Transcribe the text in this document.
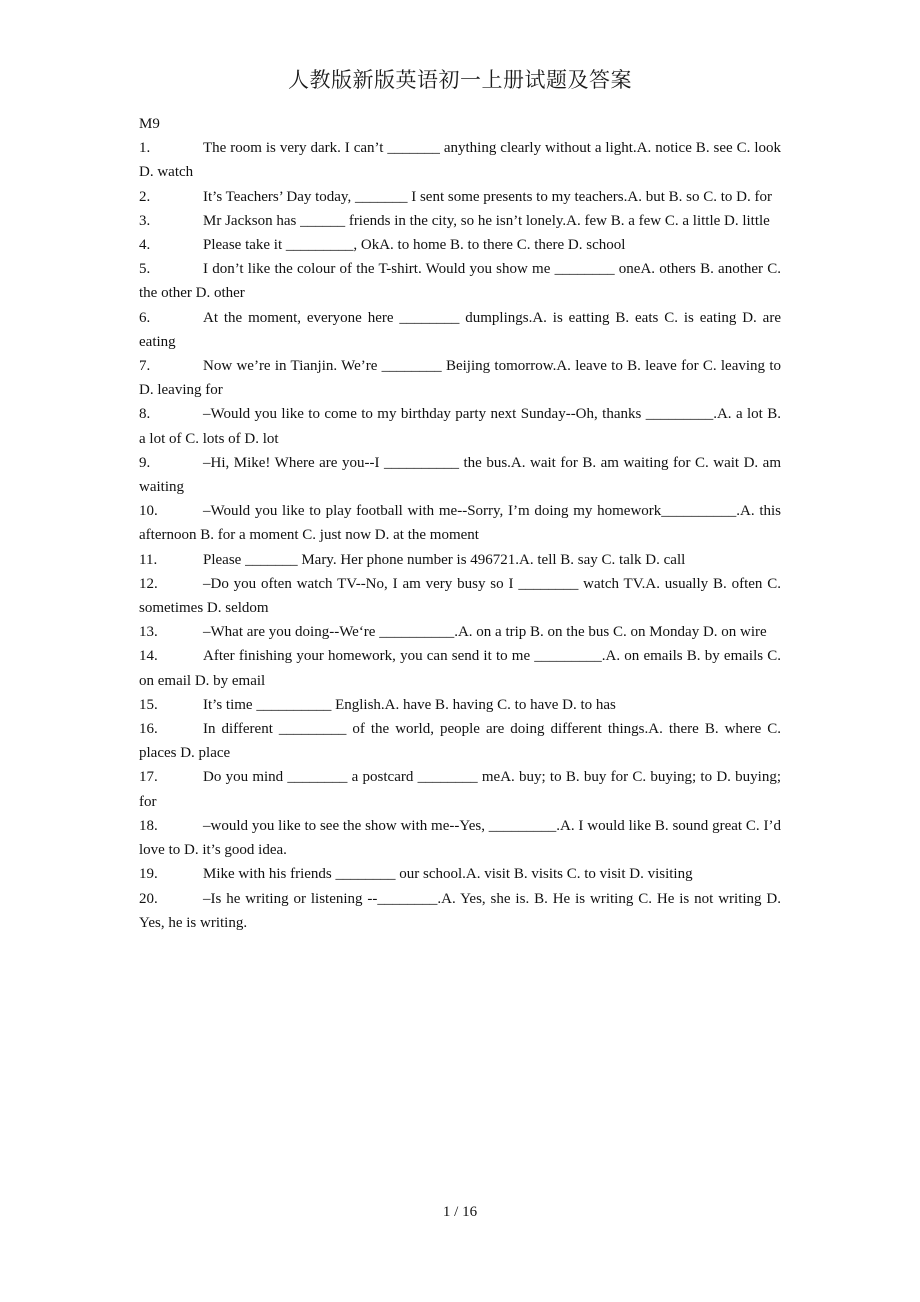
人教版新版英语初一上册试题及答案

M9

1.	The room is very dark. I can’t _______ anything clearly without a light.A. notice B. see C. look D. watch

2.	It’s Teachers’ Day today, _______ I sent some presents to my teachers.A. but B. so C. to D. for

3.	Mr Jackson has ______ friends in the city, so he isn’t lonely.A. few B. a few C. a little D. little

4.	Please take it _________, OkA. to home B. to there C. there D. school

5.	I don’t like the colour of the T-shirt. Would you show me ________ oneA. others B. another C. the other D. other

6.	At the moment, everyone here ________ dumplings.A. is eatting B. eats C. is eating D. are eating

7.	Now we’re in Tianjin. We’re ________ Beijing tomorrow.A. leave to B. leave for C. leaving to D. leaving for

8.	–Would you like to come to my birthday party next Sunday--Oh, thanks _________.A. a lot B. a lot of C. lots of D. lot

9.	–Hi, Mike! Where are you--I __________ the bus.A. wait for B. am waiting for C. wait D. am waiting

10.	–Would you like to play football with me--Sorry, I’m doing my homework__________.A. this afternoon B. for a moment C. just now D. at the moment

11.	Please _______ Mary. Her phone number is 496721.A. tell B. say C. talk D. call

12.	–Do you often watch TV--No, I am very busy so I ________ watch TV.A. usually B. often C. sometimes D. seldom

13.	–What are you doing--We‘re __________.A. on a trip B. on the bus C. on Monday D. on wire

14.	After finishing your homework, you can send it to me _________.A. on emails B. by emails C. on email D. by email

15.	It’s time __________ English.A. have B. having C. to have D. to has

16.	In different _________ of the world, people are doing different things.A. there B. where C. places D. place

17.	Do you mind ________ a postcard ________ meA. buy; to B. buy for C. buying; to D. buying; for

18.	–would you like to see the show with me--Yes, _________.A. I would like B. sound great C. I’d love to D. it’s good idea.

19.	Mike with his friends ________ our school.A. visit B. visits C. to visit D. visiting

20.	–Is he writing or listening --________.A. Yes, she is. B. He is writing C. He is not writing D. Yes, he is writing.

1 / 16
